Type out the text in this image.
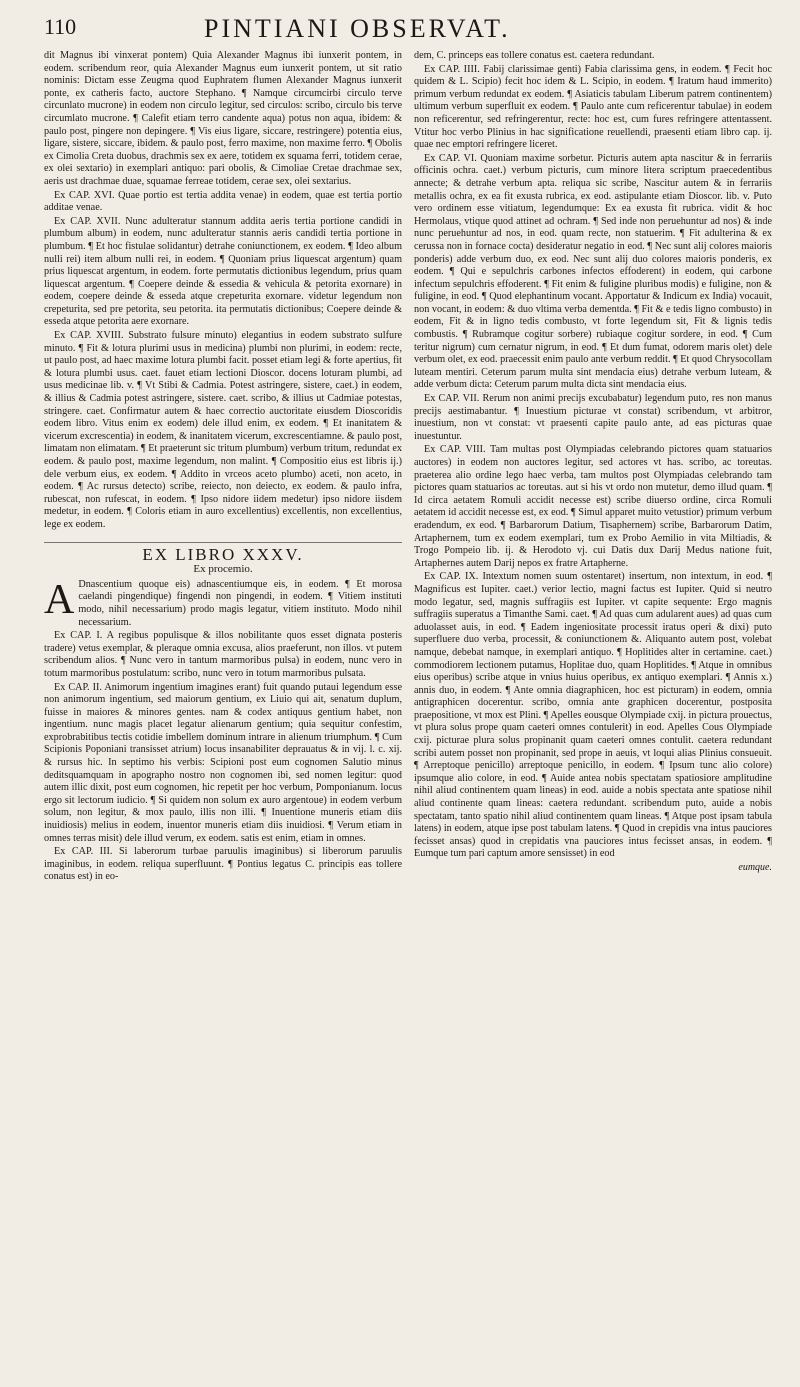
110	PINTIANI OBSERVAT.

dit Magnus ibi vinxerat pontem) Quia Alexander Magnus ibi iunxerit pontem, in eodem. scribendum reor, quia Alexander Magnus eum iunxerit pontem, ut sit ratio nominis: Dictam esse Zeugma quod Euphratem flumen Alexander Magnus iunxerit ponte, ex catheris facto, auctore Stephano. ¶ Namque circumcirbi circulo terve circunlato mucrone) in eodem non circulo legitur, sed circulos: scribo, circulo bis terve circumlato mucrone. ¶ Calefit etiam terro candente aqua) potus non aqua, ibidem: & paulo post, pingere non depingere. ¶ Vis eius ligare, siccare, restringere) potentia eius, ligare, sistere, siccare, ibidem. & paulo post, ferro maxime, non maxime ferro. ¶ Obolis ex Cimolia Creta duobus, drachmis sex ex aere, totidem ex squama ferri, totidem cerae, ex olei sextario) in exemplari antiquo: pari obolis, & Cimoliae Cretae drachmae sex, aeris ust drachmae duae, squamae ferreae totidem, cerae sex, olei sextarius.

Ex CAP. XVI. Quae portio est tertia addita venae) in eodem, quae est tertia portio additae venae.

Ex CAP. XVII. Nunc adulteratur stannum addita aeris tertia portione candidi in plumbum album) in eodem, nunc adulteratur stannis aeris candidi tertia portione in plumbum. ¶ Et hoc fistulae solidantur) detrahe coniunctionem, ex eodem. ¶ Ideo album nulli rei) item album nulli rei, in eodem. ¶ Quoniam prius liquescat argentum) quam prius liquescat argentum, in eodem. forte permutatis dictionibus legendum, prius quam liquescat argentum. ¶ Coepere deinde & essedia & vehicula & petorita exornare) in eodem, coepere deinde & esseda atque crepeturita exornare. videtur legendum non crepeturita, sed pre petorita, seu petorita. ita permutatis dictionibus; Coepere deinde & esseda atque petorita aere exornare.

Ex CAP. XVIII. Substrato fulsure minuto) elegantius in eodem substrato sulfure minuto. ¶ Fit & lotura plurimi usus in medicina) plumbi non plurimi, in eodem: recte, ut paulo post, ad haec maxime lotura plumbi facit. posset etiam legi & forte apertius, fit & lotura plumbi usus. caet. fauet etiam lectioni Dioscor. docens loturam plumbi, ad usus medicinae lib. v. ¶ Vt Stibi & Cadmia. Potest astringere, sistere, caet.) in eodem, & illius & Cadmia potest astringere, sistere. caet. scribo, & illius ut Cadmiae potestas, stringere. caet. Confirmatur autem & haec correctio auctoritate eiusdem Dioscoridis eodem libro. Vitus enim ex eodem) dele illud enim, ex eodem. ¶ Et inanitatem & vicerum excrescentia) in eodem, & inanitatem vicerum, excrescentiamne. & paulo post, limatam non elimatam. ¶ Et praeterunt sic tritum plumbum) verbum tritum, redundat ex eodem. & paulo post, maxime legendum, non malint. ¶ Compositio eius est libris ij.) dele verbum eius, ex eodem. ¶ Addito in vrceos aceto plumbo) aceti, non aceto, in eodem. ¶ Ac rursus detecto) scribe, reiecto, non deiecto, ex eodem. & paulo infra, rubescat, non rufescat, in eodem. ¶ Ipso nidore iidem medetur) ipso nidore iisdem medetur, in eodem. ¶ Coloris etiam in auro excellentius) excellentis, non excellentius, lege ex eodem.

EX LIBRO XXXV.
Ex procemio.

A Dnascentium quoque eis) adnascentiumque eis, in eodem. ¶ Et morosa caelandi pingendique) fingendi non pingendi, in eodem. ¶ Vitiem instituti modo, nihil necessarium) prodo magis legatur, vitiem instituto. Modo nihil necessarium.

Ex CAP. I. A regibus populisque & illos nobilitante quos esset dignata posteris tradere) vetus exemplar, & pleraque omnia excusa, alios praeferunt, non illos. vt putem scribendum alios. ¶ Nunc vero in tantum marmoribus pulsa) in eodem, nunc vero in totum marmoribus postulatum: scribo, nunc vero in totum marmoribus pulsata.

Ex CAP. II. Animorum ingentium imagines erant) fuit quando putaui legendum esse non animorum ingentium, sed maiorum gentium, ex Liuio qui ait, senatum duplum, fuisse in maiores & minores gentes. nam & codex antiquus gentium habet, non ingentium. nunc magis placet legatur alienarum gentium; quia sequitur confestim, exprobrabitibus tectis cotidie imbellem dominum intrare in alienum triumphum. ¶ Cum Scipionis Poponiani transisset atrium) locus insanabiliter deprauatus & in vij. l. c. xij. & rursus hic. In septimo his verbis: Scipioni post eum cognomen Salutio minus deditsquamquam in apographo nostro non cognomen ibi, sed nomen legitur: quod autem illic dixit, post eum cognomen, hic repetit per hoc verbum, Pomponianum. locus ergo sit lectorum iudicio. ¶ Si quidem non solum ex auro argentoue) in eodem verbum solum, non legitur, & mox paulo, illis non illi. ¶ Inuentione muneris etiam diis inuidiosis) melius in eodem, inuentor muneris etiam diis inuidiosi. ¶ Verum etiam in omnes terras misit) dele illud verum, ex eodem. satis est enim, etiam in omnes.

Ex CAP. III. Si laberorum turbae paruulis imaginibus) si liberorum paruulis imaginibus, in eodem. reliqua superfluunt. ¶ Pontius legatus C. principis eas tollere conatus est) in eo-

dem, C. princeps eas tollere conatus est. caetera redundant.

Ex CAP. IIII. Fabij clarissimae genti) Fabia clarissima gens, in eodem. ¶ Fecit hoc quidem & L. Scipio) fecit hoc idem & L. Scipio, in eodem. ¶ Iratum haud immerito) primum verbum redundat ex eodem. ¶ Asiaticis tabulam Liberum patrem continentem) ultimum verbum superfluit ex eodem. ¶ Paulo ante cum reficerentur tabulae) in eodem non reficerentur, sed refringerentur, recte: hoc est, cum fures refringere attentassent. Vtitur hoc verbo Plinius in hac significatione reuellendi, praesenti etiam libro cap. ij. quae nec emptori refringere liceret.

Ex CAP. VI. Quoniam maxime sorbetur. Picturis autem apta nascitur & in ferrariis officinis ochra. caet.) verbum picturis, cum minore litera scriptum praecedentibus annecte; & detrahe verbum apta. reliqua sic scribe, Nascitur autem & in ferrariis metallis ochra, ex ea fit exusta rubrica, ex eod. astipulante etiam Dioscor. lib. v. Puto vero ordinem esse vitiatum, legendumque: Ex ea exusta fit rubrica. vidit & hoc Hermolaus, vtique quod attinet ad ochram. ¶ Sed inde non peruehuntur ad nos) & inde nunc peruehuntur ad nos, in eod. quam recte, non statuerim. ¶ Fit adulterina & ex cerussa non in fornace cocta) desideratur negatio in eod. ¶ Nec sunt alij colores maioris ponderis) adde verbum duo, ex eod. Nec sunt alij duo colores maioris ponderis, ex eodem. ¶ Qui e sepulchris carbones infectos effoderent) in eodem, qui carbone infectum sepulchris effoderent. ¶ Fit enim & fuligine pluribus modis) e fuligine, non & fuligine, in eod. ¶ Quod elephantinum vocant. Apportatur & Indicum ex India) vocauit, non vocant, in eodem: & duo vltima verba dementda. ¶ Fit & e tedis ligno combusto) in eodem, Fit & in ligno tedis combusto, vt forte legendum sit, Fit & lignis tedis combustis. ¶ Rubramque cogitur sorbere) rubiaque cogitur sordere, in eod. ¶ Cum teritur nigrum) cum cernatur nigrum, in eod. ¶ Et dum fumat, odorem maris olet) dele verbum olet, ex eod. praecessit enim paulo ante verbum reddit. ¶ Et quod Chrysocollam luteam mentiri. Ceterum parum multa sint mendacia eius) detrahe verbum luteam, & adde verbum dicta: Ceterum parum multa dicta sint mendacia eius.

Ex CAP. VII. Rerum non animi precijs excubabatur) legendum puto, res non manus precijs aestimabantur. ¶ Inuestium picturae vt constat) scribendum, vt arbitror, inuestium, non vt constat: vt praesenti capite paulo ante, ad eas picturas quae inuestuntur.

Ex CAP. VIII. Tam multas post Olympiadas celebrando pictores quam statuarios auctores) in eodem non auctores legitur, sed actores vt has. scribo, ac toreutas. praeterea alio ordine lego haec verba, tam multos post Olympiadas celebrando tam pictores quam statuarios ac toreutas. aut si his vt ordo non mutetur, demo illud quam. ¶ Id circa aetatem Romuli accidit necesse est) scribe diuerso ordine, circa Romuli aetatem id accidit necesse est, ex eod. ¶ Simul apparet muito vetustior) primum verbum eradendum, ex eod. ¶ Barbarorum Datium, Tisaphernem) scribe, Barbarorum Datim, Artaphernem, tum ex eodem exemplari, tum ex Probo Aemilio in vita Miltiadis, & Trogo Pompeio lib. ij. & Herodoto vj. cui Datis dux Darij Medus natione fuit, Artaphernes autem Darij nepos ex fratre Artapherne.

Ex CAP. IX. Intextum nomen suum ostentaret) insertum, non intextum, in eod. ¶ Magnificus est Iupiter. caet.) verior lectio, magni factus est Iupiter. Quid si neutro modo legatur, sed, magnis suffragiis est Iupiter. vt capite sequente: Ergo magnis suffragiis superatus a Timanthe Sami. caet. ¶ Ad quas cum adularent aues) ad quas cum aduolasset auis, in eod. ¶ Eadem ingeniositate processit iratus operi & dixi) puto superfluere duo verba, processit, & coniunctionem &. Aliquanto autem post, volebat namque, debebat namque, in exemplari antiquo. ¶ Hoplitides alter in certamine. caet.) commodiorem lectionem putamus, Hoplitae duo, quam Hoplitides. ¶ Atque in omnibus eius operibus) scribe atque in vnius huius operibus, ex antiquo exemplari. ¶ Annis x.) annis duo, in eodem. ¶ Ante omnia diagraphicen, hoc est picturam) in eodem, omnia antigraphicen docerentur. scribo, omnia ante graphicen docerentur, postposita praepositione, vt mox est Plini. ¶ Apelles eousque Olympiade cxij. in pictura prouectus, vt plura solus prope quam caeteri omnes contulerit) in eod. Apelles Cous Olympiade cxij. picturae plura solus propinanit quam caeteri omnes contulit. caetera redundant scribi autem posset non propinanit, sed prope in aeuis, vt loqui alias Plinius consueuit. ¶ Arreptoque penicillo) arreptoque penicillo, in eodem. ¶ Ipsum tunc alio colore) ipsumque alio colore, in eod. ¶ Auide antea nobis spectatam spatiosiore amplitudine nihil aliud continentem quam lineas) in eod. auide a nobis spectata ante spatiose nihil aliud continente quam lineas: caetera redundant. scribendum puto, auide a nobis spectatam, tanto spatio nihil aliud continentem quam lineas. ¶ Atque post ipsam tabula latens) in eodem, atque ipse post tabulam latens. ¶ Quod in crepidis vna intus pauciores fecisset ansas) quod in crepidatis vna pauciores intus fecisset ansas, in eodem. ¶ Eumque tum pari captum amore sensisset) in eod

eumque.
